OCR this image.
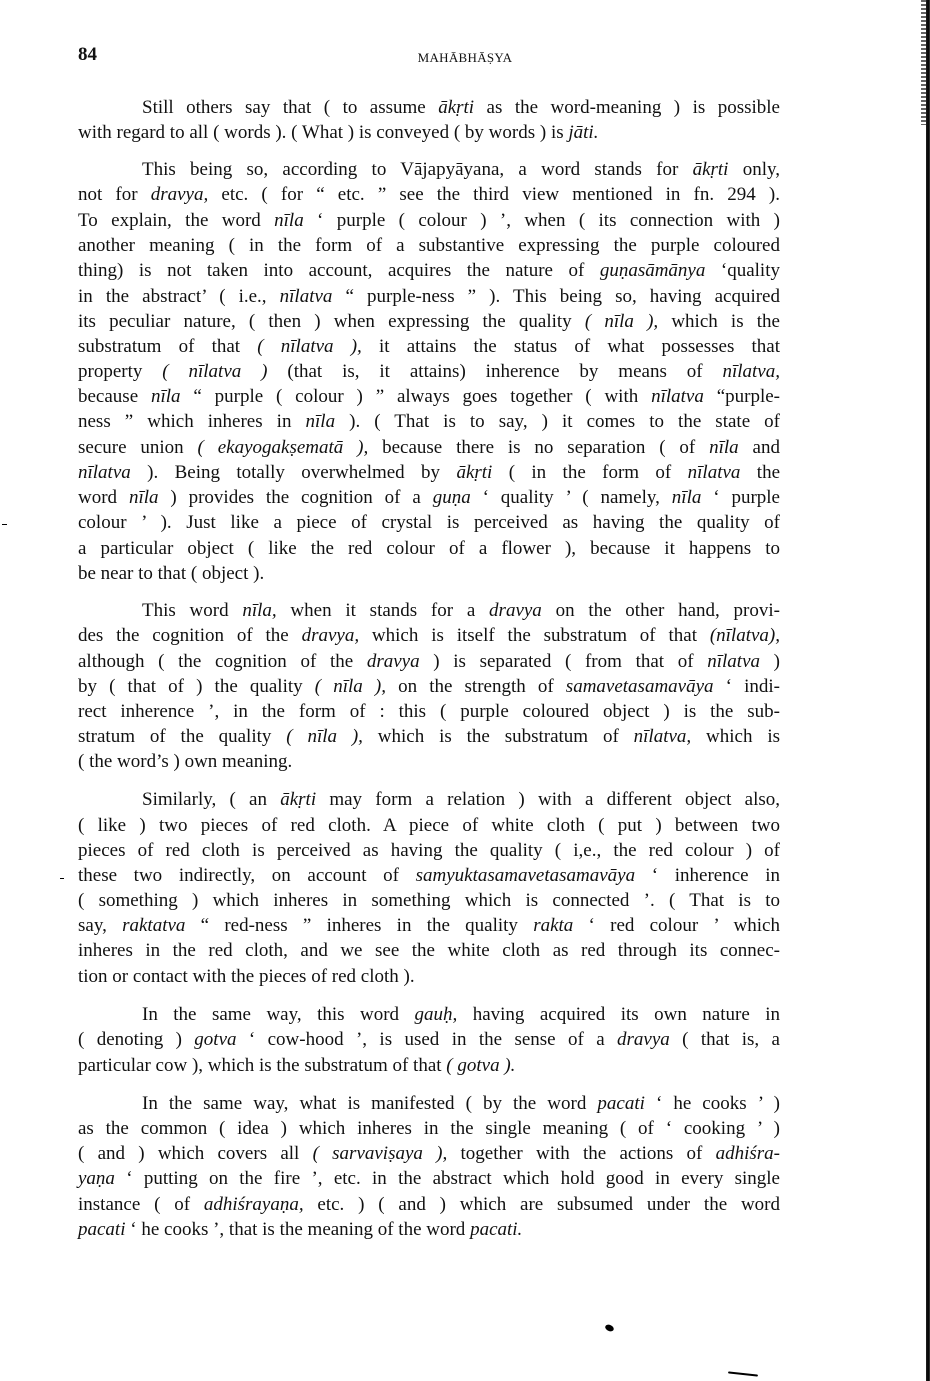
84	MAHĀBHĀṢYA
Still others say that ( to assume ākṛti as the word-meaning ) is possible
with regard to all ( words ). ( What ) is conveyed ( by words ) is jāti.
This being so, according to Vājapyāyana, a word stands for ākṛti only,
not for dravya, etc. ( for “ etc. ” see the third view mentioned in fn. 294 ).
To explain, the word nīla ‘ purple ( colour ) ’, when ( its connection with )
another meaning ( in the form of a substantive expressing the purple coloured
thing) is not taken into account, acquires the nature of guṇasāmānya ‘quality
in the abstract’ ( i.e., nīlatva “ purple-ness ” ). This being so, having acquired
its peculiar nature, ( then ) when expressing the quality ( nīla ), which is the
substratum of that ( nīlatva ), it attains the status of what possesses that
property ( nīlatva ) (that is, it attains) inherence by means of nīlatva,
because nīla “ purple ( colour ) ” always goes together ( with nīlatva “purple-
ness ” which inheres in nīla ). ( That is to say, ) it comes to the state of
secure union ( ekayogakṣematā ), because there is no separation ( of nīla and
nīlatva ). Being totally overwhelmed by ākṛti ( in the form of nīlatva the
word nīla ) provides the cognition of a guṇa ‘ quality ’ ( namely, nīla ‘ purple
colour ’ ). Just like a piece of crystal is perceived as having the quality of
a particular object ( like the red colour of a flower ), because it happens to
be near to that ( object ).
This word nīla, when it stands for a dravya on the other hand, provi-
des the cognition of the dravya, which is itself the substratum of that (nīlatva),
although ( the cognition of the dravya ) is separated ( from that of nīlatva )
by ( that of ) the quality ( nīla ), on the strength of samavetasamavāya ‘ indi-
rect inherence ’, in the form of : this ( purple coloured object ) is the sub-
stratum of the quality ( nīla ), which is the substratum of nīlatva, which is
( the word’s ) own meaning.
Similarly, ( an ākṛti may form a relation ) with a different object also,
( like ) two pieces of red cloth. A piece of white cloth ( put ) between two
pieces of red cloth is perceived as having the quality ( i,e., the red colour ) of
these two indirectly, on account of samyuktasamavetasamavāya ‘ inherence in
( something ) which inheres in something which is connected ’. ( That is to
say, raktatva “ red-ness ” inheres in the quality rakta ‘ red colour ’ which
inheres in the red cloth, and we see the white cloth as red through its connec-
tion or contact with the pieces of red cloth ).
In the same way, this word gauḥ, having acquired its own nature in
( denoting ) gotva ‘ cow-hood ’, is used in the sense of a dravya ( that is, a
particular cow ), which is the substratum of that ( gotva ).
In the same way, what is manifested ( by the word pacati ‘ he cooks ’ )
as the common ( idea ) which inheres in the single meaning ( of ‘ cooking ’ )
( and ) which covers all ( sarvaviṣaya ), together with the actions of adhiśra-
yaṇa ‘ putting on the fire ’, etc. in the abstract which hold good in every single
instance ( of adhiśrayaṇa, etc. ) ( and ) which are subsumed under the word
pacati ‘ he cooks ’, that is the meaning of the word pacati.
